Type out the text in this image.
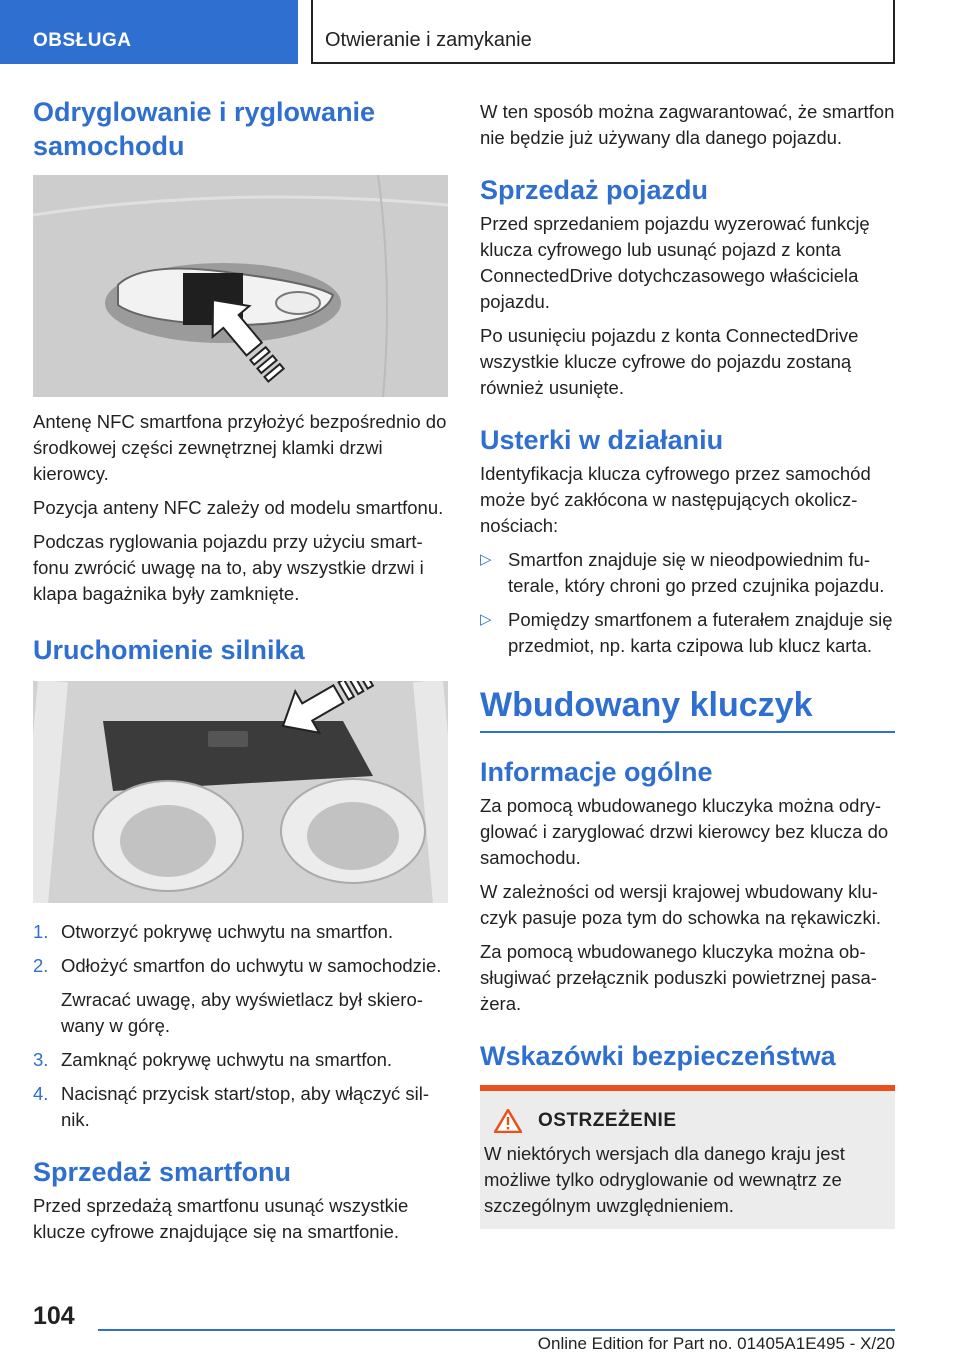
OBSŁUGA	Otwieranie i zamykanie
Odryglowanie i ryglowanie samochodu

Antenę NFC smartfona przyłożyć bezpośrednio do środkowej części zewnętrznej klamki drzwi kierowcy.

Pozycja anteny NFC zależy od modelu smartfonu.

Podczas ryglowania pojazdu przy użyciu smartfonu zwrócić uwagę na to, aby wszystkie drzwi i klapa bagażnika były zamknięte.

Uruchomienie silnika
1. Otworzyć pokrywę uchwytu na smartfon.
2. Odłożyć smartfon do uchwytu w samochodzie.
Zwracać uwagę, aby wyświetlacz był skierowany w górę.
3. Zamknąć pokrywę uchwytu na smartfon.
4. Nacisnąć przycisk start/stop, aby włączyć silnik.
Sprzedaż smartfonu

Przed sprzedażą smartfonu usunąć wszystkie klucze cyfrowe znajdujące się na smartfonie.

W ten sposób można zagwarantować, że smartfon nie będzie już używany dla danego pojazdu.

Sprzedaż pojazdu

Przed sprzedaniem pojazdu wyzerować funkcję klucza cyfrowego lub usunąć pojazd z konta ConnectedDrive dotychczasowego właściciela pojazdu.

Po usunięciu pojazdu z konta ConnectedDrive wszystkie klucze cyfrowe do pojazdu zostaną również usunięte.

Usterki w działaniu

Identyfikacja klucza cyfrowego przez samochód może być zakłócona w następujących okolicznościach:

▷ Smartfon znajduje się w nieodpowiednim futerale, który chroni go przed czujnika pojazdu.
▷ Pomiędzy smartfonem a futerałem znajduje się przedmiot, np. karta czipowa lub klucz karta.
Wbudowany kluczyk
Informacje ogólne

Za pomocą wbudowanego kluczyka można odryglować i zaryglować drzwi kierowcy bez klucza do samochodu.

W zależności od wersji krajowej wbudowany kluczyk pasuje poza tym do schowka na rękawiczki.

Za pomocą wbudowanego kluczyka można obsługiwać przełącznik poduszki powietrznej pasażera.

Wskazówki bezpieczeństwa
OSTRZEŻENIE

W niektórych wersjach dla danego kraju jest możliwe tylko odryglowanie od wewnątrz ze szczególnym uwzględnieniem.

104
Online Edition for Part no. 01405A1E495 - X/20
